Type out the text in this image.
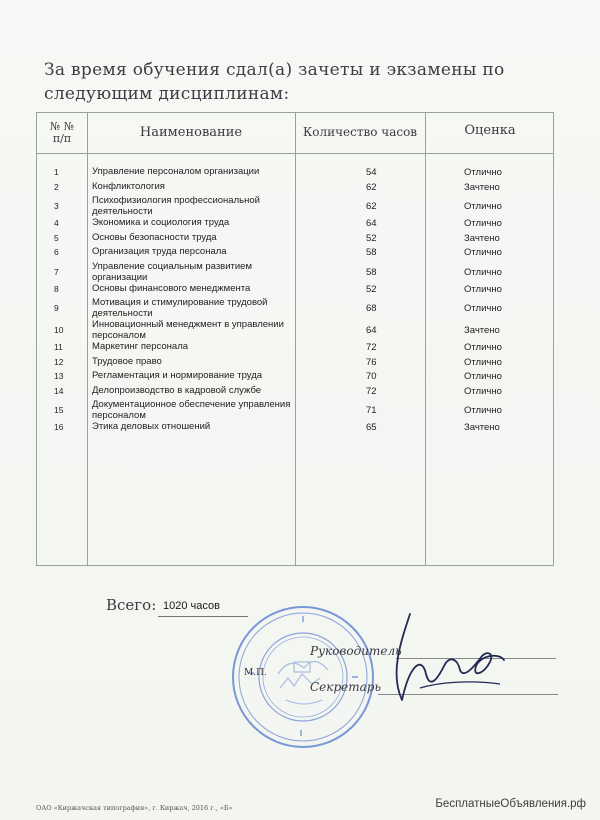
За время обучения сдал(а) зачеты и экзамены по следующим дисциплинам:
№ №
п/п	Наименование	Количество часов	Оценка
1	Управление персоналом организации	54	Отлично
2	Конфликтология	62	Зачтено
3	Психофизиология профессиональной деятельности	62	Отлично
4	Экономика и социология труда	64	Отлично
5	Основы безопасности труда	52	Зачтено
6	Организация труда персонала	58	Отлично
7	Управление социальным развитием организации	58	Отлично
8	Основы финансового менеджмента	52	Отлично
9	Мотивация и стимулирование трудовой деятельности	68	Отлично
10	Инновационный менеджмент в управлении персоналом	64	Зачтено
11	Маркетинг персонала	72	Отлично
12	Трудовое право	76	Отлично
13	Регламентация и нормирование труда	70	Отлично
14	Делопроизводство в кадровой службе	72	Отлично
15	Документационное обеспечение управления персоналом	71	Отлично
16	Этика деловых отношений	65	Зачтено
Всего: 1020 часов
Руководитель
М.П.
Секретарь
ОАО «Киржачская типография», г. Киржач, 2016 г., «Б»	БесплатныеОбъявления.рф
